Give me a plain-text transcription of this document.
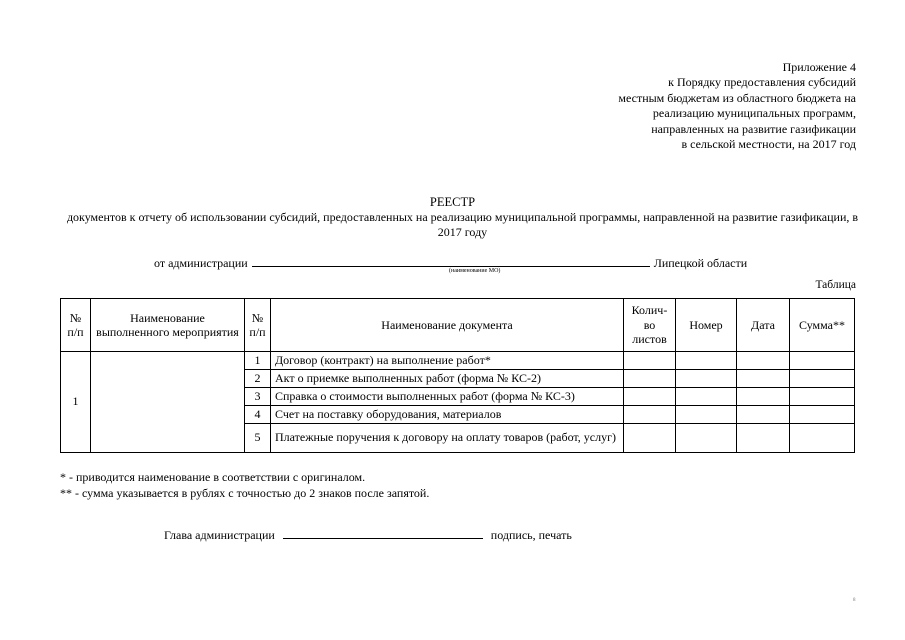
Приложение 4
к Порядку предоставления субсидий
местным бюджетам из областного бюджета на
реализацию муниципальных программ,
направленных на развитие газификации
в сельской местности, на 2017 год
РЕЕСТР
документов к отчету об использовании субсидий, предоставленных на реализацию муниципальной программы, направленной на развитие газификации, в 2017 году
от администрации	Липецкой области
(наименование МО)
Таблица
№ п/п	Наименование выполненного мероприятия	№ п/п	Наименование документа	Колич-во листов	Номер	Дата	Сумма**
1		1	Договор (контракт) на выполнение работ*				
		2	Акт о приемке выполненных работ (форма № КС-2)				
		3	Справка о стоимости выполненных работ (форма № КС-3)				
		4	Счет на поставку оборудования, материалов				
		5	Платежные поручения к договору на оплату товаров (работ, услуг)				
* - приводится наименование в соответствии с оригиналом.
** - сумма указывается в рублях с точностью до 2 знаков после запятой.
Глава администрации	подпись, печать
8
